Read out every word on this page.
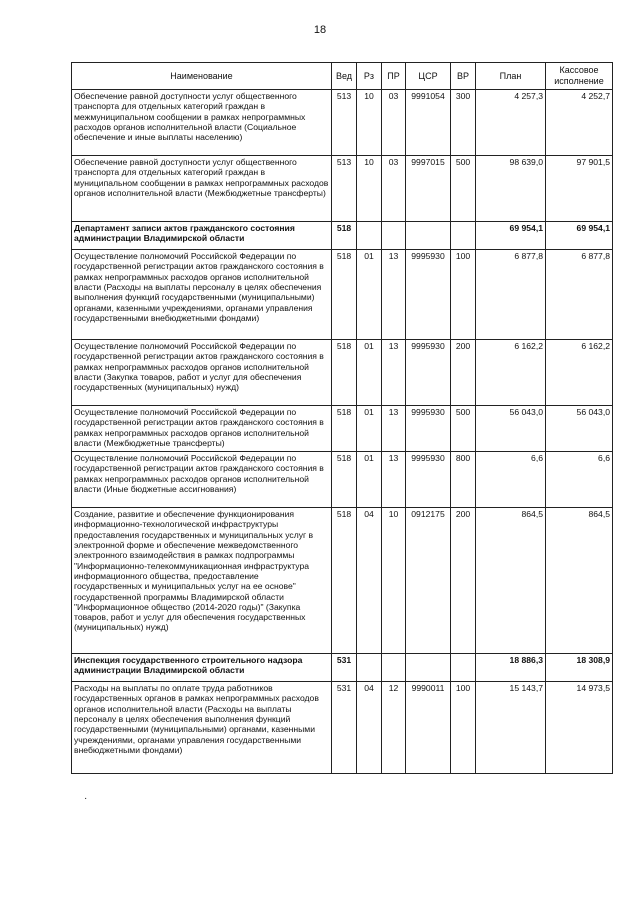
18
Наименование	Вед	Рз	ПР	ЦСР	ВР	План	Кассовое исполнение
Обеспечение равной доступности услуг общественного транспорта для отдельных категорий граждан в межмуниципальном сообщении в рамках непрограммных расходов органов исполнительной власти (Социальное обеспечение и иные выплаты населению)	513	10	03	9991054	300	4 257,3	4 252,7
Обеспечение равной доступности услуг общественного транспорта для отдельных категорий граждан в муниципальном сообщении в рамках непрограммных расходов органов исполнительной власти (Межбюджетные трансферты)	513	10	03	9997015	500	98 639,0	97 901,5
Департамент записи актов гражданского состояния администрации Владимирской области	518					69 954,1	69 954,1
Осуществление полномочий Российской Федерации по государственной регистрации актов гражданского состояния в рамках непрограммных расходов органов исполнительной власти (Расходы на выплаты персоналу в целях обеспечения выполнения функций государственными (муниципальными) органами, казенными учреждениями, органами управления государственными внебюджетными фондами)	518	01	13	9995930	100	6 877,8	6 877,8
Осуществление полномочий Российской Федерации по государственной регистрации актов гражданского состояния в рамках непрограммных расходов органов исполнительной власти (Закупка товаров, работ и услуг для обеспечения государственных (муниципальных) нужд)	518	01	13	9995930	200	6 162,2	6 162,2
Осуществление полномочий Российской Федерации по государственной регистрации актов гражданского состояния в рамках непрограммных расходов органов исполнительной власти (Межбюджетные трансферты)	518	01	13	9995930	500	56 043,0	56 043,0
Осуществление полномочий Российской Федерации по государственной регистрации актов гражданского состояния в рамках непрограммных расходов органов исполнительной власти (Иные бюджетные ассигнования)	518	01	13	9995930	800	6,6	6,6
Создание, развитие и обеспечение функционирования информационно-технологической инфраструктуры предоставления государственных и муниципальных услуг в электронной форме и обеспечение межведомственного электронного взаимодействия в рамках подпрограммы "Информационно-телекоммуникационная инфраструктура информационного общества, предоставление государственных и муниципальных услуг на ее основе" государственной программы Владимирской области "Информационное общество (2014-2020 годы)" (Закупка товаров, работ и услуг для обеспечения государственных (муниципальных) нужд)	518	04	10	0912175	200	864,5	864,5
Инспекция государственного строительного надзора администрации Владимирской области	531					18 886,3	18 308,9
Расходы на выплаты по оплате труда работников государственных органов в рамках непрограммных расходов органов исполнительной власти (Расходы на выплаты персоналу в целях обеспечения выполнения функций государственными (муниципальными) органами, казенными учреждениями, органами управления государственными внебюджетными фондами)	531	04	12	9990011	100	15 143,7	14 973,5
·
